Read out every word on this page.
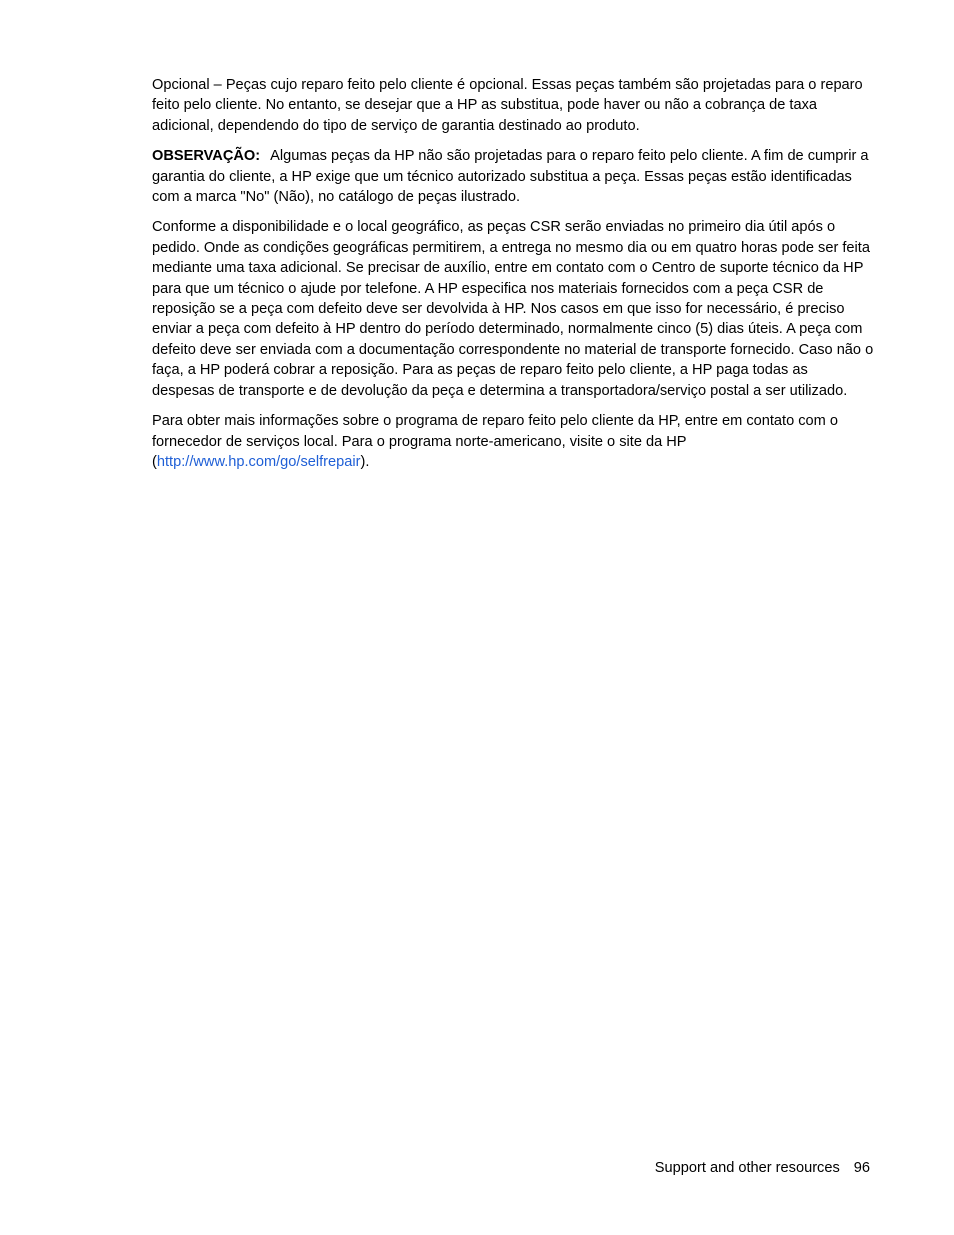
Opcional – Peças cujo reparo feito pelo cliente é opcional. Essas peças também são projetadas para o reparo feito pelo cliente. No entanto, se desejar que a HP as substitua, pode haver ou não a cobrança de taxa adicional, dependendo do tipo de serviço de garantia destinado ao produto.

OBSERVAÇÃO: Algumas peças da HP não são projetadas para o reparo feito pelo cliente. A fim de cumprir a garantia do cliente, a HP exige que um técnico autorizado substitua a peça. Essas peças estão identificadas com a marca "No" (Não), no catálogo de peças ilustrado.

Conforme a disponibilidade e o local geográfico, as peças CSR serão enviadas no primeiro dia útil após o pedido. Onde as condições geográficas permitirem, a entrega no mesmo dia ou em quatro horas pode ser feita mediante uma taxa adicional. Se precisar de auxílio, entre em contato com o Centro de suporte técnico da HP para que um técnico o ajude por telefone. A HP especifica nos materiais fornecidos com a peça CSR de reposição se a peça com defeito deve ser devolvida à HP. Nos casos em que isso for necessário, é preciso enviar a peça com defeito à HP dentro do período determinado, normalmente cinco (5) dias úteis. A peça com defeito deve ser enviada com a documentação correspondente no material de transporte fornecido. Caso não o faça, a HP poderá cobrar a reposição. Para as peças de reparo feito pelo cliente, a HP paga todas as despesas de transporte e de devolução da peça e determina a transportadora/serviço postal a ser utilizado.

Para obter mais informações sobre o programa de reparo feito pelo cliente da HP, entre em contato com o fornecedor de serviços local. Para o programa norte-americano, visite o site da HP
(http://www.hp.com/go/selfrepair).

Support and other resources 96
